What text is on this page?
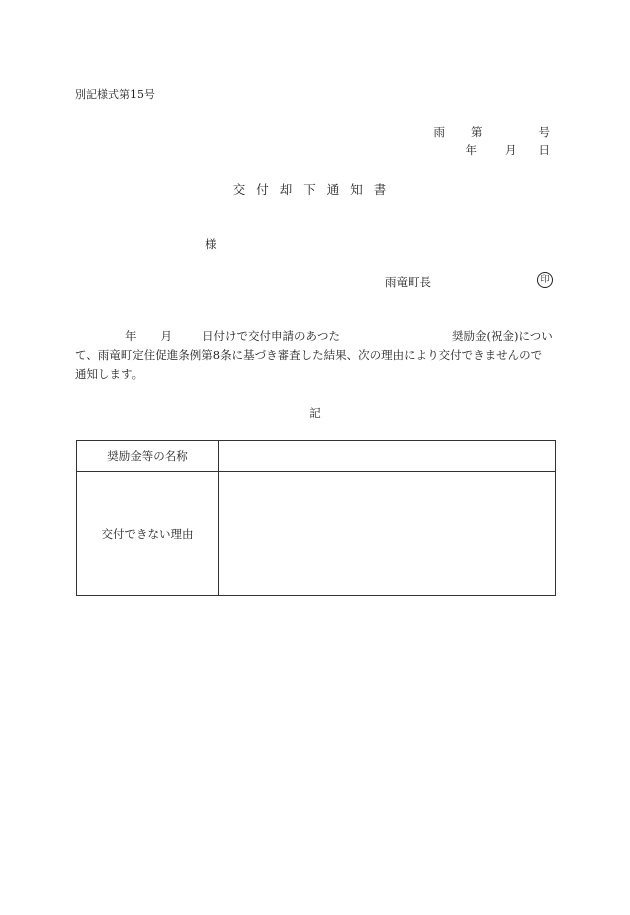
別記様式第15号
雨 第	号
年 月 日
交付却下通知書
様
雨竜町長	印
年 月	日付けで交付申請のあつた	奨励金(祝金)につい
て、雨竜町定住促進条例第8条に基づき審査した結果、次の理由により交付できませんので
通知します。
記
奨励金等の名称	
交付できない理由	
